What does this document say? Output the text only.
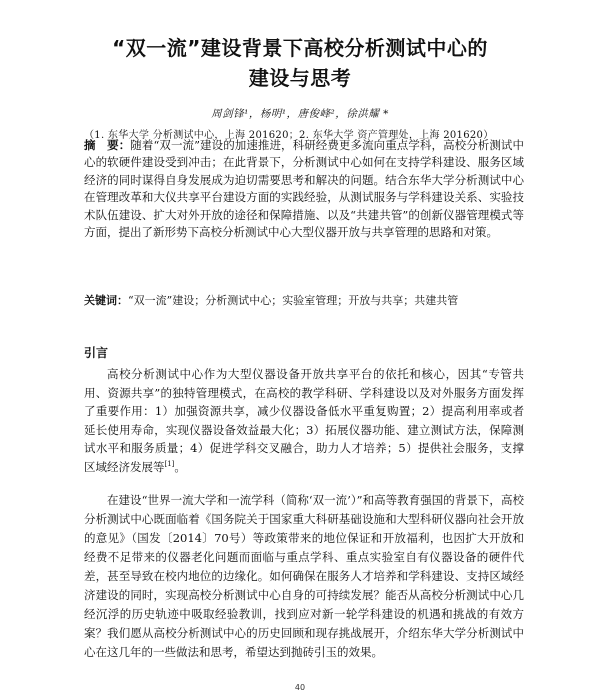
“双一流”建设背景下高校分析测试中心的
建设与思考
周剑锋¹，杨明¹，唐俊峰²，徐洪耀 *
（1. 东华大学 分析测试中心，上海 201620；2. 东华大学 资产管理处，上海 201620）
摘　要：随着“双一流”建设的加速推进，科研经费更多流向重点学科，高校分析测试中心的软硬件建设受到冲击；在此背景下，分析测试中心如何在支持学科建设、服务区域经济的同时谋得自身发展成为迫切需要思考和解决的问题。结合东华大学分析测试中心在管理改革和大仪共享平台建设方面的实践经验，从测试服务与学科建设关系、实验技术队伍建设、扩大对外开放的途径和保障措施、以及“共建共管”的创新仪器管理模式等方面，提出了新形势下高校分析测试中心大型仪器开放与共享管理的思路和对策。
关键词：“双一流”建设；分析测试中心；实验室管理；开放与共享；共建共管
引言
高校分析测试中心作为大型仪器设备开放共享平台的依托和核心，因其“专管共用、资源共享”的独特管理模式，在高校的教学科研、学科建设以及对外服务方面发挥了重要作用：1）加强资源共享，减少仪器设备低水平重复购置；2）提高利用率或者延长使用寿命，实现仪器设备效益最大化；3）拓展仪器功能、建立测试方法，保障测试水平和服务质量；4）促进学科交叉融合，助力人才培养；5）提供社会服务，支撑区域经济发展等[1]。
在建设“世界一流大学和一流学科（简称‘双一流’）”和高等教育强国的背景下，高校分析测试中心既面临着《国务院关于国家重大科研基础设施和大型科研仪器向社会开放的意见》（国发〔2014〕70号）等政策带来的地位保证和开放福利，也因扩大开放和经费不足带来的仪器老化问题而面临与重点学科、重点实验室自有仪器设备的硬件代差，甚至导致在校内地位的边缘化。如何确保在服务人才培养和学科建设、支持区域经济建设的同时，实现高校分析测试中心自身的可持续发展？能否从高校分析测试中心几经沉浮的历史轨迹中吸取经验教训，找到应对新一轮学科建设的机遇和挑战的有效方案？我们愿从高校分析测试中心的历史回顾和现存挑战展开，介绍东华大学分析测试中心在这几年的一些做法和思考，希望达到抛砖引玉的效果。
40
